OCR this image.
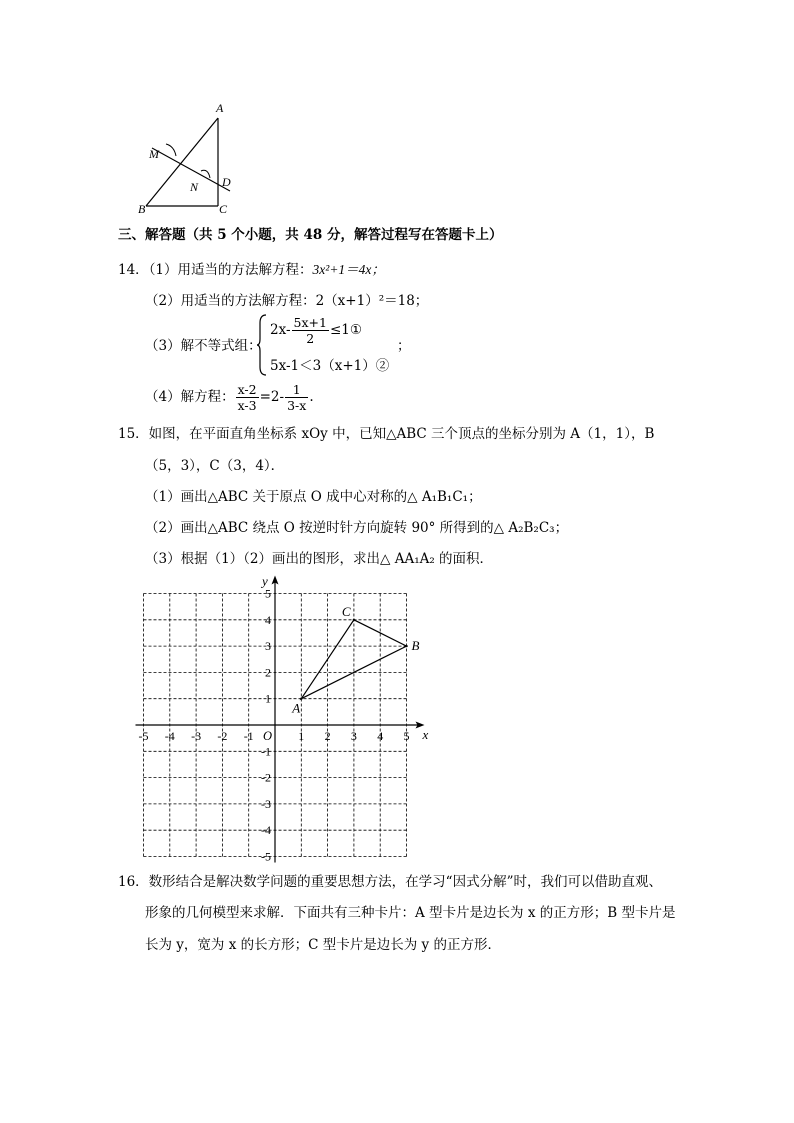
A
B	C
D
M
N
三、解答题（共 5 个小题，共 48 分，解答过程写在答题卡上）
14．（1）用适当的方法解方程：3x²+1＝4x；
（2）用适当的方法解方程：2（x+1）²＝18；
（3）解不等式组：
$2x- \frac{5x+1}{2}$ ≤1①
5x-1＜3（x+1）②
；
（4）解方程： $\frac{x-2}{x-3} =2- \frac{1}{3-x}$ .
15．如图，在平面直角坐标系 xOy 中，已知△ABC 三个顶点的坐标分别为 A（1，1），B
（5，3），C（3，4）．
（1）画出△ABC 关于原点 O 成中心对称的△ A₁B₁C₁；
（2）画出△ABC 绕点 O 按逆时针方向旋转 90° 所得到的△ A₂B₂C₃；
（3）根据（1）（2）画出的图形，求出△ AA₁A₂ 的面积．
x
y
O
-5 -4 -3 -2 -1	1 2 3 4 5
5
4
3
2
1
-1
-2
-3
-4
-5
A
B
C
16．数形结合是解决数学问题的重要思想方法，在学习“因式分解”时，我们可以借助直观、
形象的几何模型来求解．下面共有三种卡片：A 型卡片是边长为 x 的正方形；B 型卡片是
长为 y，宽为 x 的长方形；C 型卡片是边长为 y 的正方形．
